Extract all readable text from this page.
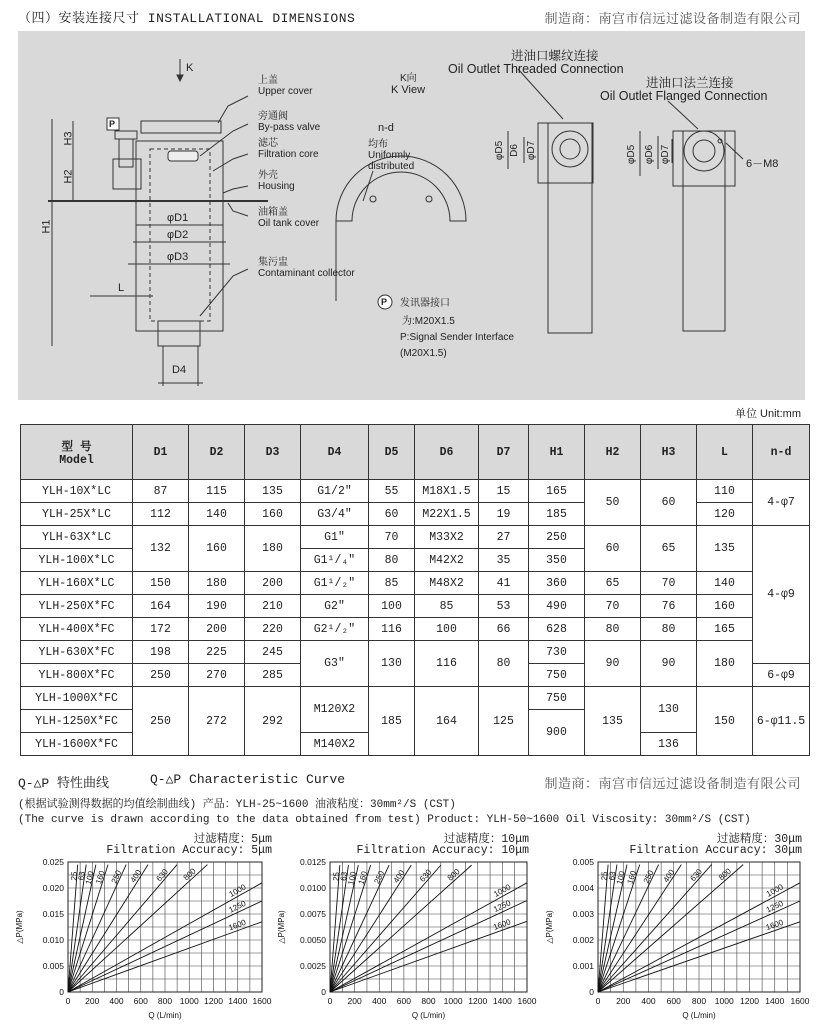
（四）安装连接尺寸 INSTALLATIONAL DIMENSIONS	制造商：南宫市信远过滤设备制造有限公司
P
P
K
K向
K View
上盖
Upper cover
旁通阀
By-pass valve
滤芯
Filtration core
外壳
Housing
油箱盖
Oil tank cover
集污盅
Contaminant collector
n-d
均布
Uniformly
distributed
发讯器接口
为:M20X1.5
P:Signal Sender Interface
(M20X1.5)
进油口螺纹连接
Oil Outlet Threaded Connection
进油口法兰连接
Oil Outlet Flanged Connection
6－M8
H1
H2
H3
L
φD1
φD2
φD3
D4
φD5 D6 φD7	φD5 φD6 φD7
单位 Unit:mm
型 号
Model	D1	D2	D3	D4	D5	D6	D7	H1	H2	H3	L	n-d
YLH-10X*LC	87	115	135	G1/2"	55	M18X1.5	15	165	50	60	110	4-φ7
YLH-25X*LC	112	140	160	G3/4"	60	M22X1.5	19	185			120	
YLH-63X*LC	132	160	180	G1"	70	M33X2	27	250	60	65	135	4-φ9
YLH-100X*LC				G1¹/₄"	80	M42X2	35	350				
YLH-160X*LC	150	180	200	G1¹/₂"	85	M48X2	41	360	65	70	140	
YLH-250X*FC	164	190	210	G2"	100	85	53	490	70	76	160	
YLH-400X*FC	172	200	220	G2¹/₂"	116	100	66	628	80	80	165	
YLH-630X*FC	198	225	245	G3"	130	116	80	730	90	90	180	
YLH-800X*FC	250	270	285					750				6-φ9
YLH-1000X*FC	250	272	292	M120X2	185	164	125	750	135	130	150	6-φ11.5
YLH-1250X*FC								900				
YLH-1600X*FC				M140X2						136		
Q-△P 特性曲线	Q-△P Characteristic Curve	制造商：南宫市信远过滤设备制造有限公司
(根据试验测得数据的均值绘制曲线) 产品：YLH-25~1600 油液粘度：30mm²/S (CST)
(The curve is drawn according to the data obtained from test) Product: YLH-50~1600 Oil Viscosity: 30mm²/S (CST)
过滤精度：5μm
Filtration Accuracy: 5μm
0
0.005
0.010
0.015
0.020
0.025
0 200 400 600 800 1000 1200 1400 1600
△P(MPa)
Q (L/min)
25
63
100
160 250 400 630 800
1000
1250
1600
过滤精度：10μm
Filtration Accuracy: 10μm
0
0.0025
0.0050
0.0075
0.0100
0.0125
0 200 400 600 800 1000 1200 1400 1600
△P(MPa)
Q (L/min)
25
63
100
160 250 400 630 800
1000
1250
1600
过滤精度：30μm
Filtration Accuracy: 30μm
0
0.001
0.002
0.003
0.004
0.005
0 200 400 600 800 1000 1200 1400 1600
△P(MPa)
Q (L/min)
25
63
100
160 250 400 630 800
1000
1250
1600
